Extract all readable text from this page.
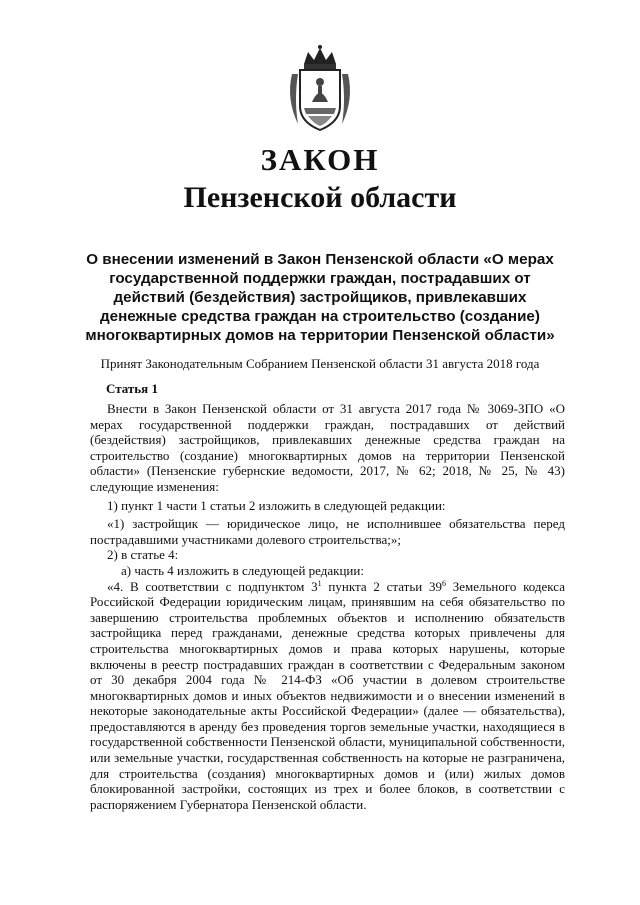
ЗАКОН
Пензенской области
О внесении изменений в Закон Пензенской области «О мерах государственной поддержки граждан, пострадавших от действий (бездействия) застройщиков, привлекавших денежные средства граждан на строительство (создание) многоквартирных домов на территории Пензенской области»
Принят Законодательным Собранием Пензенской области 31 августа 2018 года
Статья 1

Внести в Закон Пензенской области от 31 августа 2017 года № 3069-ЗПО «О мерах государственной поддержки граждан, пострадавших от действий (бездействия) застройщиков, привлекавших денежные средства граждан на строительство (создание) многоквартирных домов на территории Пензенской области» (Пензенские губернские ведомости, 2017, № 62; 2018, № 25, № 43) следующие изменения:

1) пункт 1 части 1 статьи 2 изложить в следующей редакции:

«1) застройщик — юридическое лицо, не исполнившее обязательства перед пострадавшими участниками долевого строительства;»;

2) в статье 4:

а) часть 4 изложить в следующей редакции:

«4. В соответствии с подпунктом $3^1$ пункта 2 статьи $39^6$ Земельного кодекса Российской Федерации юридическим лицам, принявшим на себя обязательство по завершению строительства проблемных объектов и исполнению обязательств застройщика перед гражданами, денежные средства которых привлечены для строительства многоквартирных домов и права которых нарушены, которые включены в реестр пострадавших граждан в соответствии с Федеральным законом от 30 декабря 2004 года № 214-ФЗ «Об участии в долевом строительстве многоквартирных домов и иных объектов недвижимости и о внесении изменений в некоторые законодательные акты Российской Федерации» (далее — обязательства), предоставляются в аренду без проведения торгов земельные участки, находящиеся в государственной собственности Пензенской области, муниципальной собственности, или земельные участки, государственная собственность на которые не разграничена, для строительства (создания) многоквартирных домов и (или) жилых домов блокированной застройки, состоящих из трех и более блоков, в соответствии с распоряжением Губернатора Пензенской области.
